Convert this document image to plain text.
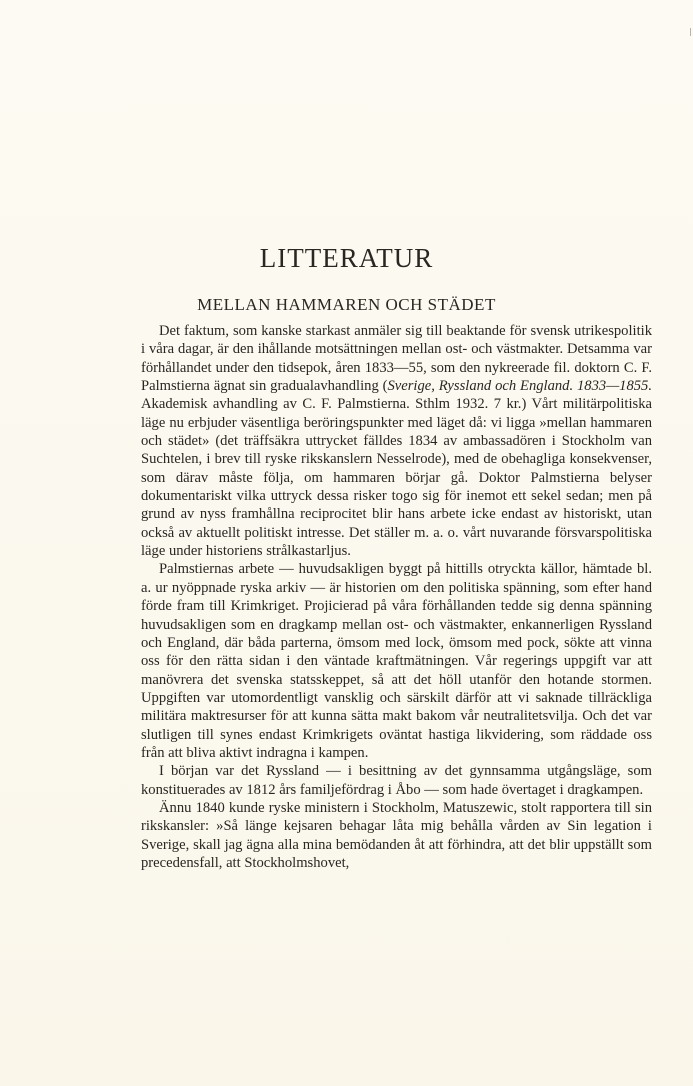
LITTERATUR
MELLAN HAMMAREN OCH STÄDET

Det faktum, som kanske starkast anmäler sig till beaktande för svensk utrikespolitik i våra dagar, är den ihållande motsättningen mellan ost- och västmakter. Detsamma var förhållandet under den tidsepok, åren 1833—55, som den nykreerade fil. doktorn C. F. Palmstierna ägnat sin gradualavhandling (Sverige, Ryssland och England. 1833—1855. Akademisk avhandling av C. F. Palmstierna. Sthlm 1932. 7 kr.) Vårt militärpolitiska läge nu erbjuder väsentliga beröringspunkter med läget då: vi ligga »mellan hammaren och städet» (det träffsäkra uttrycket fälldes 1834 av ambassadören i Stockholm van Suchtelen, i brev till ryske rikskanslern Nesselrode), med de obehagliga konsekvenser, som därav måste följa, om hammaren börjar gå. Doktor Palmstierna belyser dokumentariskt vilka uttryck dessa risker togo sig för inemot ett sekel sedan; men på grund av nyss framhållna reciprocitet blir hans arbete icke endast av historiskt, utan också av aktuellt politiskt intresse. Det ställer m. a. o. vårt nuvarande försvarspolitiska läge under historiens strålkastarljus.

Palmstiernas arbete — huvudsakligen byggt på hittills otryckta källor, hämtade bl. a. ur nyöppnade ryska arkiv — är historien om den politiska spänning, som efter hand förde fram till Krimkriget. Projicierad på våra förhållanden tedde sig denna spänning huvudsakligen som en dragkamp mellan ost- och västmakter, enkannerligen Ryssland och England, där båda parterna, ömsom med lock, ömsom med pock, sökte att vinna oss för den rätta sidan i den väntade kraftmätningen. Vår regerings uppgift var att manövrera det svenska statsskeppet, så att det höll utanför den hotande stormen. Uppgiften var utomordentligt vansklig och särskilt därför att vi saknade tillräckliga militära maktresurser för att kunna sätta makt bakom vår neutralitetsvilja. Och det var slutligen till synes endast Krimkrigets oväntat hastiga likvidering, som räddade oss från att bliva aktivt indragna i kampen.

I början var det Ryssland — i besittning av det gynnsamma utgångsläge, som konstituerades av 1812 års familjefördrag i Åbo — som hade övertaget i dragkampen.

Ännu 1840 kunde ryske ministern i Stockholm, Matuszewic, stolt rapportera till sin rikskansler: »Så länge kejsaren behagar låta mig behålla vården av Sin legation i Sverige, skall jag ägna alla mina bemödanden åt att förhindra, att det blir uppställt som precedensfall, att Stockholmshovet,
